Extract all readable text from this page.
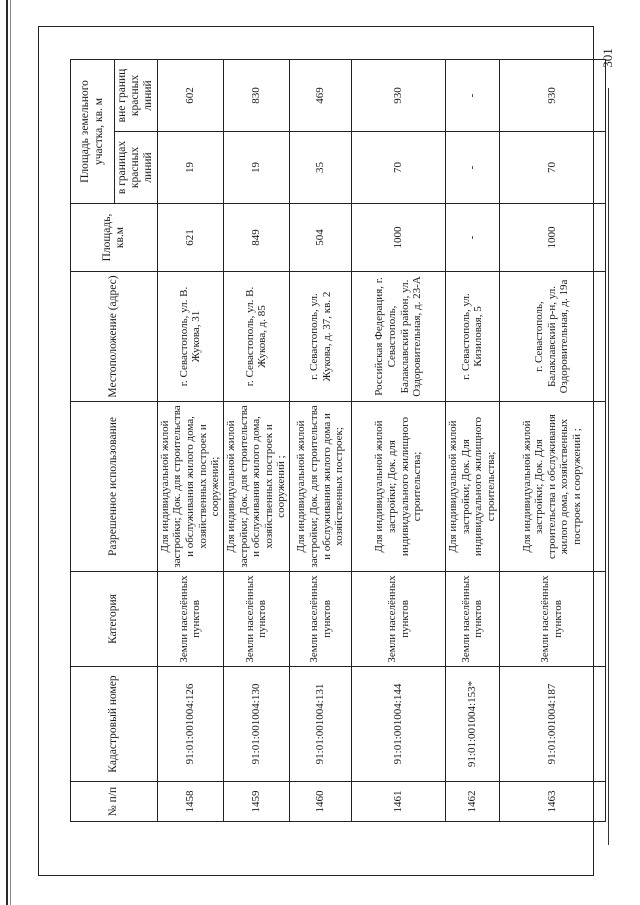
301
№ п/п	Кадастровый номер	Категория	Разрешенное использование	Местоположение (адрес)	Площадь, кв.м	Площадь земельного участка, кв. м	
						в границах красных линий	вне границ красных линий
1458	91:01:001004:126	Земли населённых пунктов	Для индивидуальной жилой застройки; Док. для строительства и обслуживания жилого дома, хозяйственных построек и сооружений;	г. Севастополь, ул. В. Жукова, 31	621	19	602
1459	91:01:001004:130	Земли населённых пунктов	Для индивидуальной жилой застройки; Док. для строительства и обслуживания жилого дома, хозяйственных построек и сооружений ;	г. Севастополь, ул. В. Жукова, д. 85	849	19	830
1460	91:01:001004:131	Земли населённых пунктов	Для индивидуальной жилой застройки; Док. для строительства и обслуживания жилого дома и хозяйственных построек;	г. Севастополь, ул. Жукова, д. 37, кв. 2	504	35	469
1461	91:01:001004:144	Земли населённых пунктов	Для индивидуальной жилой застройки; Док. для индивидуального жилищного строительства;	Российская Федерация, г. Севастополь, Балаклавский район, ул. Оздоровительная, д. 23-А	1000	70	930
1462	91:01:001004:153*	Земли населённых пунктов	Для индивидуальной жилой застройки; Док. Для индивидуального жилищного строительства;	г. Севастополь, ул. Кизиловая, 5	-	-	-
1463	91:01:001004:187	Земли населённых пунктов	Для индивидуальной жилой застройки; Док. Для строительства и обслуживания жилого дома, хозяйственных построек и сооружений ;	г. Севастополь, Балаклавский р-н, ул. Оздоровительная, д. 19а	1000	70	930
